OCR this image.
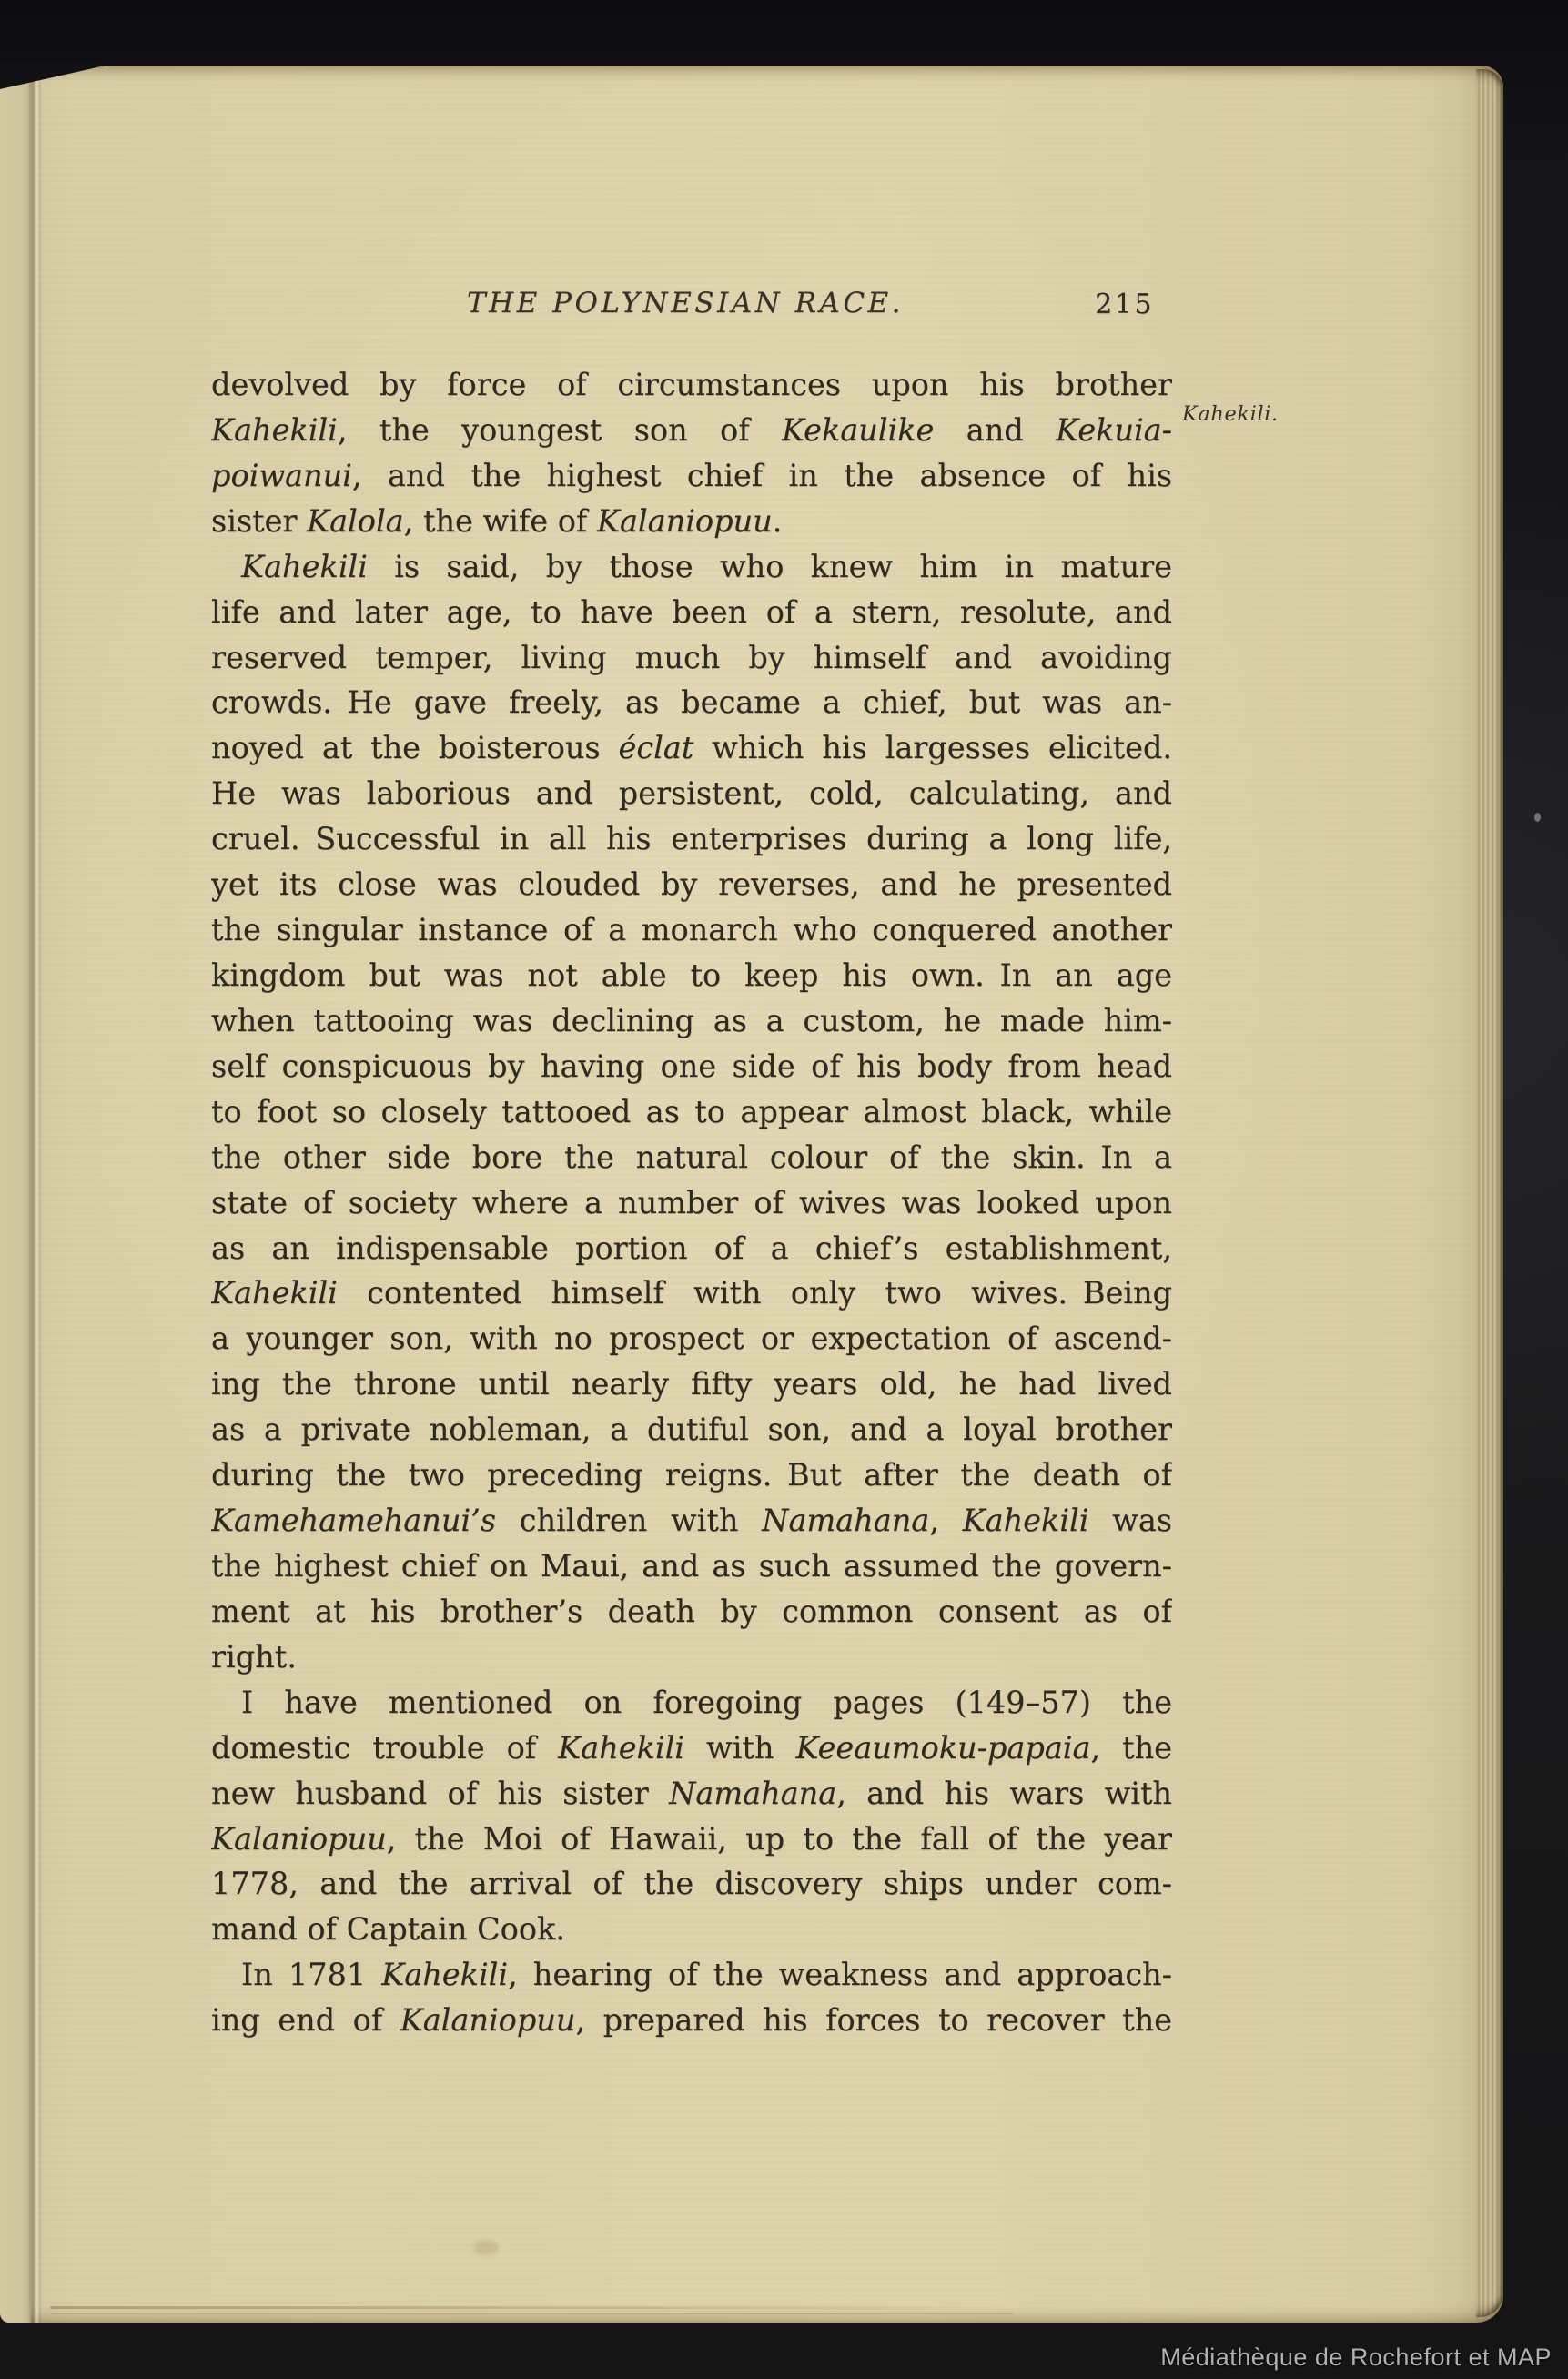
THE POLYNESIAN RACE.	215
Kahekili.
devolved by force of circumstances upon his brother
Kahekili, the youngest son of Kekaulike and Kekuia-
poiwanui, and the highest chief in the absence of his
sister Kalola, the wife of Kalaniopuu.
Kahekili is said, by those who knew him in mature
life and later age, to have been of a stern, resolute, and
reserved temper, living much by himself and avoiding
crowds. He gave freely, as became a chief, but was an-
noyed at the boisterous éclat which his largesses elicited.
He was laborious and persistent, cold, calculating, and
cruel. Successful in all his enterprises during a long life,
yet its close was clouded by reverses, and he presented
the singular instance of a monarch who conquered another
kingdom but was not able to keep his own. In an age
when tattooing was declining as a custom, he made him-
self conspicuous by having one side of his body from head
to foot so closely tattooed as to appear almost black, while
the other side bore the natural colour of the skin. In a
state of society where a number of wives was looked upon
as an indispensable portion of a chief’s establishment,
Kahekili contented himself with only two wives. Being
a younger son, with no prospect or expectation of ascend-
ing the throne until nearly fifty years old, he had lived
as a private nobleman, a dutiful son, and a loyal brother
during the two preceding reigns. But after the death of
Kamehamehanui’s children with Namahana, Kahekili was
the highest chief on Maui, and as such assumed the govern-
ment at his brother’s death by common consent as of
right.
I have mentioned on foregoing pages (149–57) the
domestic trouble of Kahekili with Keeaumoku-papaia, the
new husband of his sister Namahana, and his wars with
Kalaniopuu, the Moi of Hawaii, up to the fall of the year
1778, and the arrival of the discovery ships under com-
mand of Captain Cook.
In 1781 Kahekili, hearing of the weakness and approach-
ing end of Kalaniopuu, prepared his forces to recover the
Médiathèque de Rochefort et MAP
